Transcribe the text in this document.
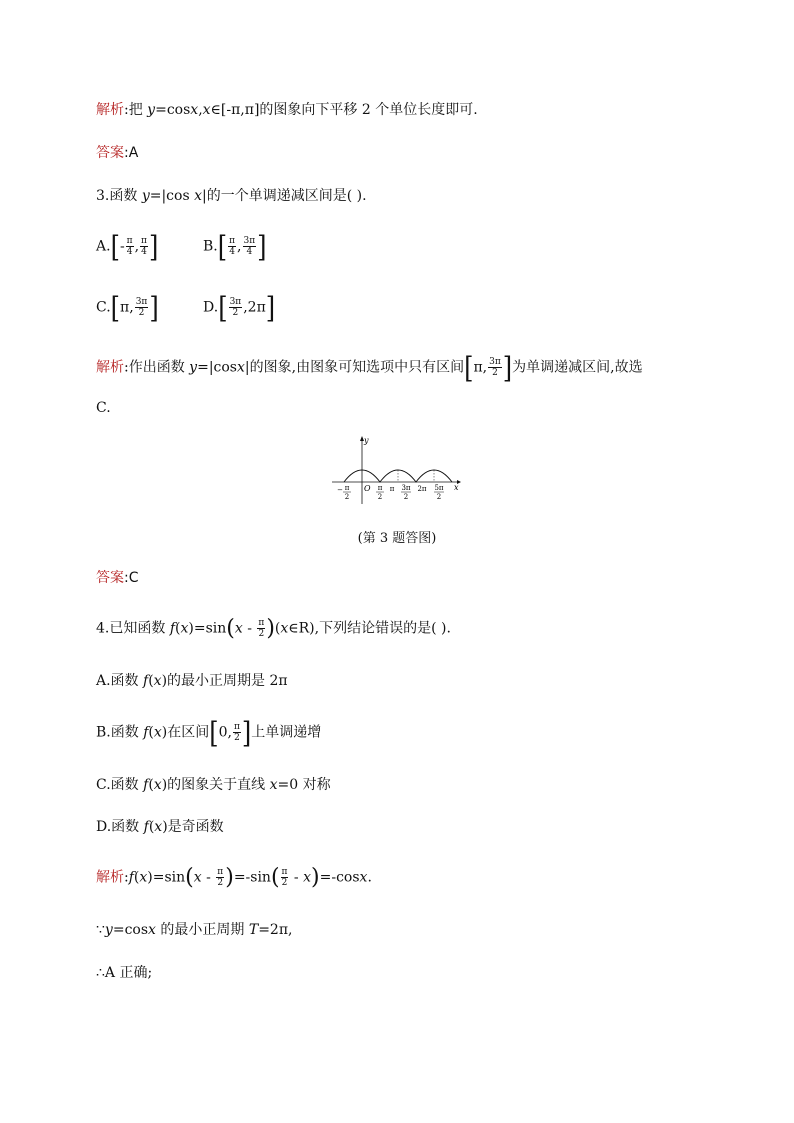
解析:把 y=cosx,x∈[-π,π]的图象向下平移 2 个单位长度即可.
答案:A
3.函数 y=|cos x|的一个单调递减区间是( ).
$A.[- \frac{\pi}{4}$ , $\frac{\pi}{4}$ ]	$B.[ \frac{\pi}{4}$ , $\frac{3\pi}{4}$ ]
C.[π, $\frac{3\pi}{2}$ ]	$D.[ \frac{3\pi}{2} ,2\pi]$
解析:作出函数 y=|cosx|的图象,由图象可知选项中只有区间[π, $\frac{3\pi}{2}$ ]为单调递减区间,故选
C.
y
x
O
− π
2
π
2
π 3π
2
2π 5π
2
(第 3 题答图)
答案:C
4.已知函数 $f(x)=\sin(x - \frac{\pi}{2}$ )(x∈R),下列结论错误的是( ).
A.函数 f(x)的最小正周期是 2π
B.函数 f(x)在区间[0, $\frac{\pi}{2}$ ]上单调递增
C.函数 f(x)的图象关于直线 x=0 对称
D.函数 f(x)是奇函数
解析:f(x)=sin(x - $\frac{\pi}{2} )=-\sin( \frac{\pi}{2} - x)=-\cos x$.
∵y=cosx 的最小正周期 T=2π,
∴A 正确;
